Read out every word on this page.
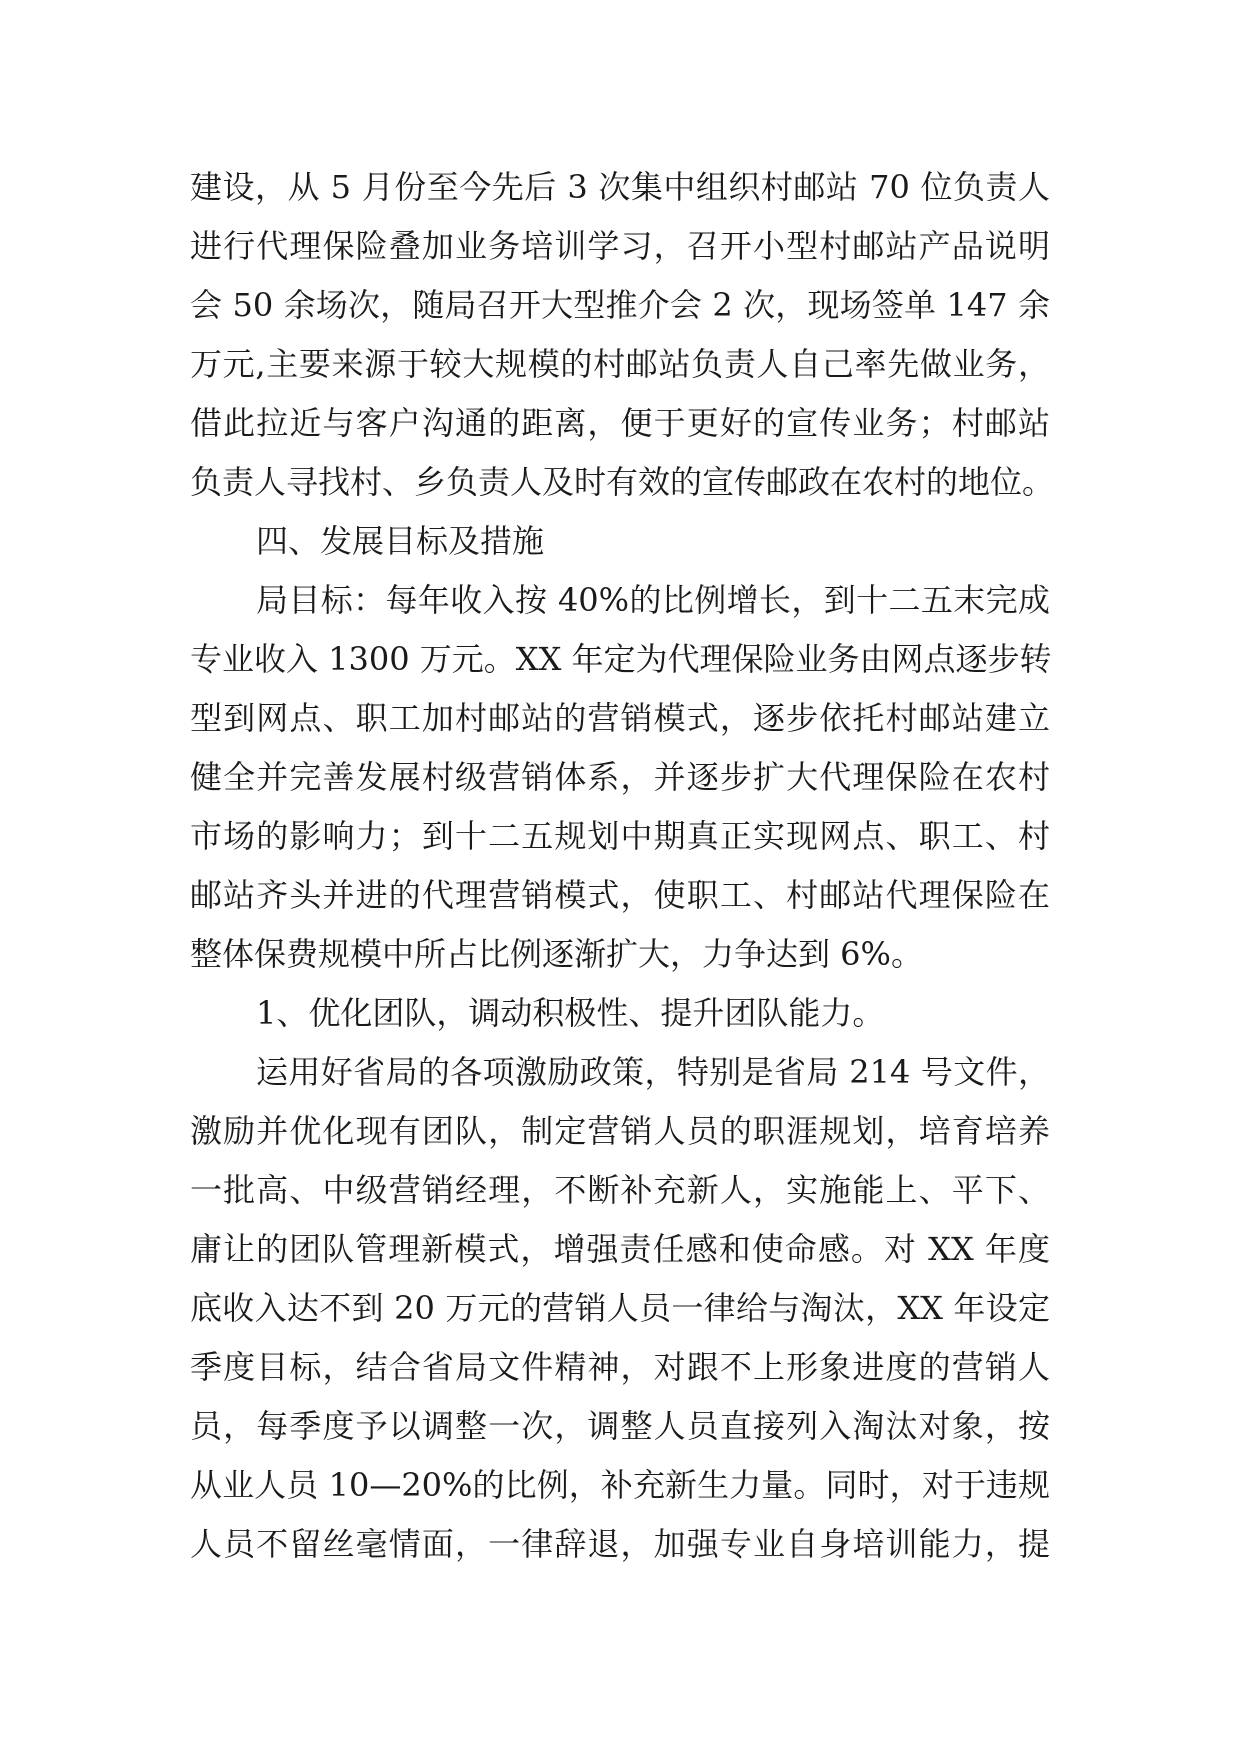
建设，从 5 月份至今先后 3 次集中组织村邮站 70 位负责人
进行代理保险叠加业务培训学习，召开小型村邮站产品说明
会 50 余场次，随局召开大型推介会 2 次，现场签单 147 余
万元,主要来源于较大规模的村邮站负责人自己率先做业务，
借此拉近与客户沟通的距离，便于更好的宣传业务；村邮站
负责人寻找村、乡负责人及时有效的宣传邮政在农村的地位。
四、发展目标及措施
局目标：每年收入按 40%的比例增长，到十二五末完成
专业收入 1300 万元。XX 年定为代理保险业务由网点逐步转
型到网点、职工加村邮站的营销模式，逐步依托村邮站建立
健全并完善发展村级营销体系，并逐步扩大代理保险在农村
市场的影响力；到十二五规划中期真正实现网点、职工、村
邮站齐头并进的代理营销模式，使职工、村邮站代理保险在
整体保费规模中所占比例逐渐扩大，力争达到 6%。
1、优化团队，调动积极性、提升团队能力。
运用好省局的各项激励政策，特别是省局 214 号文件，
激励并优化现有团队，制定营销人员的职涯规划，培育培养
一批高、中级营销经理，不断补充新人，实施能上、平下、
庸让的团队管理新模式，增强责任感和使命感。对 XX 年度
底收入达不到 20 万元的营销人员一律给与淘汰，XX 年设定
季度目标，结合省局文件精神，对跟不上形象进度的营销人
员，每季度予以调整一次，调整人员直接列入淘汰对象，按
从业人员 10—20%的比例，补充新生力量。同时，对于违规
人员不留丝毫情面，一律辞退，加强专业自身培训能力，提
